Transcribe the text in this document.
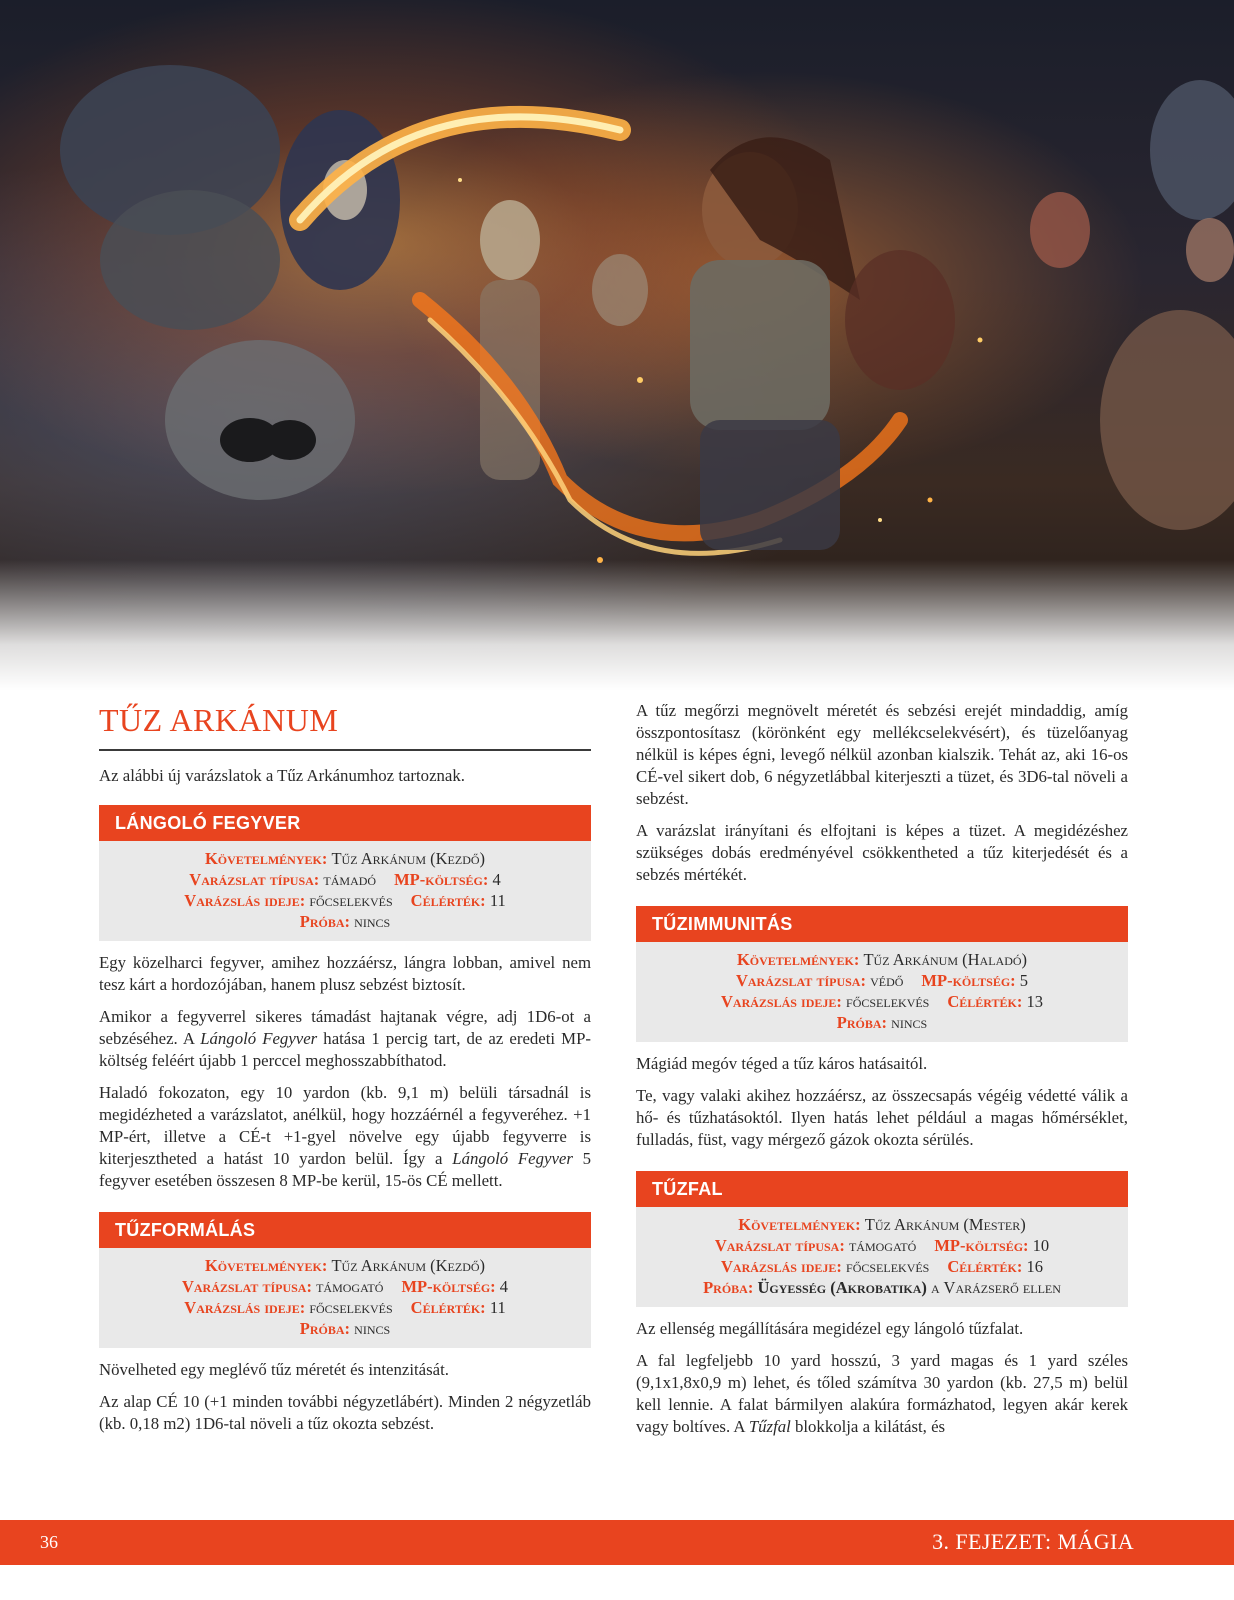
TŰZ ARKÁNUM

Az alábbi új varázslatok a Tűz Arkánumhoz tartoznak.

LÁNGOLÓ FEGYVER
Követelmények: Tűz Arkánum (Kezdő)
Varázslat típusa: támadó MP-költség: 4
Varázslás ideje: főcselekvés Célérték: 11
Próba: nincs

Egy közelharci fegyver, amihez hozzáérsz, lángra lobban, amivel nem tesz kárt a hordozójában, hanem plusz sebzést biztosít.

Amikor a fegyverrel sikeres támadást hajtanak végre, adj 1D6-ot a sebzéséhez. A Lángoló Fegyver hatása 1 percig tart, de az eredeti MP-költség feléért újabb 1 perccel meghosszabbíthatod.

Haladó fokozaton, egy 10 yardon (kb. 9,1 m) belüli társadnál is megidézheted a varázslatot, anélkül, hogy hozzáérnél a fegyveréhez. +1 MP-ért, illetve a CÉ-t +1-gyel növelve egy újabb fegyverre is kiterjesztheted a hatást 10 yardon belül. Így a Lángoló Fegyver 5 fegyver esetében összesen 8 MP-be kerül, 15-ös CÉ mellett.

TŰZFORMÁLÁS
Követelmények: Tűz Arkánum (Kezdő)
Varázslat típusa: támogató MP-költség: 4
Varázslás ideje: főcselekvés Célérték: 11
Próba: nincs

Növelheted egy meglévő tűz méretét és intenzitását.

Az alap CÉ 10 (+1 minden további négyzetlábért). Minden 2 négyzetláb (kb. 0,18 m2) 1D6-tal növeli a tűz okozta sebzést.

A tűz megőrzi megnövelt méretét és sebzési erejét mindaddig, amíg összpontosítasz (körönként egy mellékcselekvésért), és tüzelőanyag nélkül is képes égni, levegő nélkül azonban kialszik. Tehát az, aki 16-os CÉ-vel sikert dob, 6 négyzetlábbal kiterjeszti a tüzet, és 3D6-tal növeli a sebzést.

A varázslat irányítani és elfojtani is képes a tüzet. A megidézéshez szükséges dobás eredményével csökkentheted a tűz kiterjedését és a sebzés mértékét.

TŰZIMMUNITÁS
Követelmények: Tűz Arkánum (Haladó)
Varázslat típusa: védő MP-költség: 5
Varázslás ideje: főcselekvés Célérték: 13
Próba: nincs

Mágiád megóv téged a tűz káros hatásaitól.

Te, vagy valaki akihez hozzáérsz, az összecsapás végéig védetté válik a hő- és tűzhatásoktól. Ilyen hatás lehet például a magas hőmérséklet, fulladás, füst, vagy mérgező gázok okozta sérülés.

TŰZFAL
Követelmények: Tűz Arkánum (Mester)
Varázslat típusa: támogató MP-költség: 10
Varázslás ideje: főcselekvés Célérték: 16
Próba: Ügyesség (Akrobatika) a Varázserő ellen

Az ellenség megállítására megidézel egy lángoló tűzfalat.

A fal legfeljebb 10 yard hosszú, 3 yard magas és 1 yard széles (9,1x1,8x0,9 m) lehet, és tőled számítva 30 yardon (kb. 27,5 m) belül kell lennie. A falat bármilyen alakúra formázhatod, legyen akár kerek vagy boltíves. A Tűzfal blokkolja a kilátást, és

36	3. FEJEZET: MÁGIA
